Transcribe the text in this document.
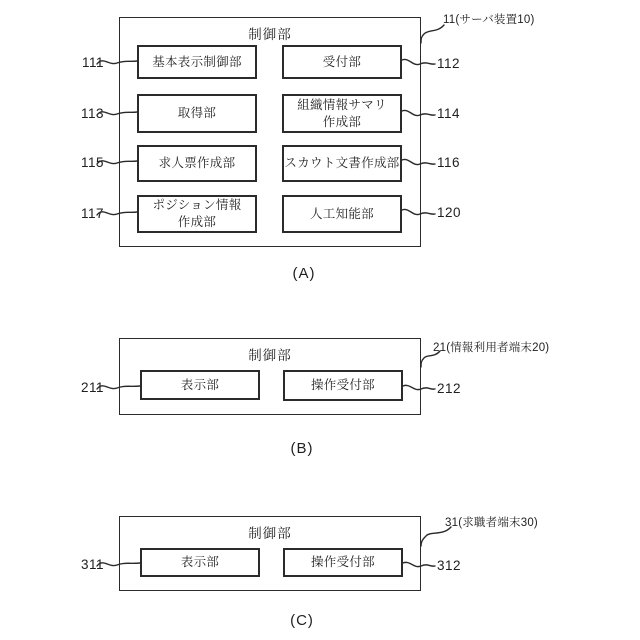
制御部
基本表示制御部	受付部
取得部
組織情報サマリ
作成部
求人票作成部	スカウト文書作成部
ポジション情報
作成部
人工知能部
111
113
115
117
112
114
116
120
11(サーバ装置10)
(A)
制御部
表示部	操作受付部
211	212
21(情報利用者端末20)
(B)
制御部
表示部	操作受付部
311	312
31(求職者端末30)
(C)
